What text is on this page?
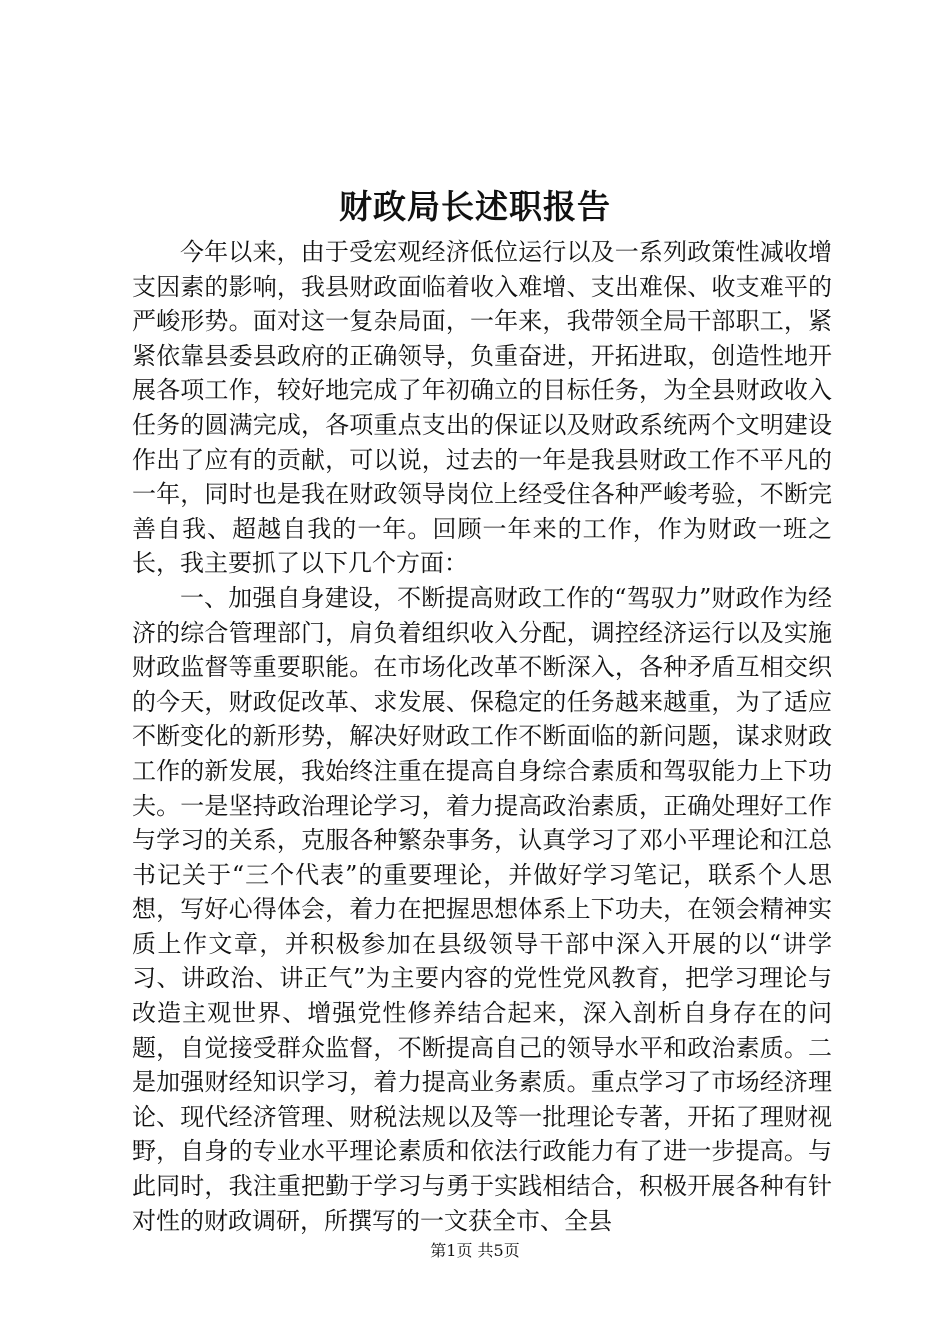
财政局长述职报告

今年以来，由于受宏观经济低位运行以及一系列政策性减收增支因素的影响，我县财政面临着收入难增、支出难保、收支难平的严峻形势。面对这一复杂局面，一年来，我带领全局干部职工，紧紧依靠县委县政府的正确领导，负重奋进，开拓进取，创造性地开展各项工作，较好地完成了年初确立的目标任务，为全县财政收入任务的圆满完成，各项重点支出的保证以及财政系统两个文明建设作出了应有的贡献，可以说，过去的一年是我县财政工作不平凡的一年，同时也是我在财政领导岗位上经受住各种严峻考验，不断完善自我、超越自我的一年。回顾一年来的工作，作为财政一班之长，我主要抓了以下几个方面：

一、加强自身建设，不断提高财政工作的“驾驭力”财政作为经济的综合管理部门，肩负着组织收入分配，调控经济运行以及实施财政监督等重要职能。在市场化改革不断深入，各种矛盾互相交织的今天，财政促改革、求发展、保稳定的任务越来越重，为了适应不断变化的新形势，解决好财政工作不断面临的新问题，谋求财政工作的新发展，我始终注重在提高自身综合素质和驾驭能力上下功夫。一是坚持政治理论学习，着力提高政治素质，正确处理好工作与学习的关系，克服各种繁杂事务，认真学习了邓小平理论和江总书记关于“三个代表”的重要理论，并做好学习笔记，联系个人思想，写好心得体会，着力在把握思想体系上下功夫，在领会精神实质上作文章，并积极参加在县级领导干部中深入开展的以“讲学习、讲政治、讲正气”为主要内容的党性党风教育，把学习理论与改造主观世界、增强党性修养结合起来，深入剖析自身存在的问题，自觉接受群众监督，不断提高自己的领导水平和政治素质。二是加强财经知识学习，着力提高业务素质。重点学习了市场经济理论、现代经济管理、财税法规以及等一批理论专著，开拓了理财视野，自身的专业水平理论素质和依法行政能力有了进一步提高。与此同时，我注重把勤于学习与勇于实践相结合，积极开展各种有针对性的财政调研，所撰写的一文获全市、全县

第1页 共5页
